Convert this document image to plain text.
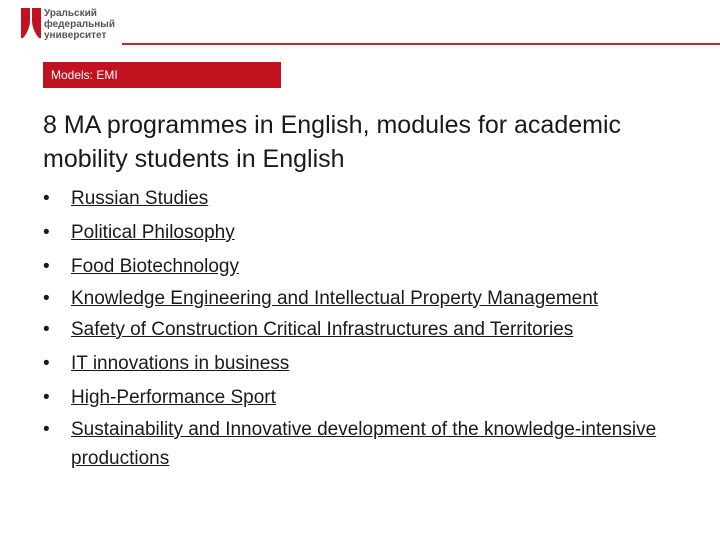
Уральский
федеральный
университет
Models: EMI
8 MA programmes in English, modules for academic mobility students in English
• Russian Studies
• Political Philosophy
• Food Biotechnology
• Knowledge Engineering and Intellectual Property Management
• Safety of Construction Critical Infrastructures and Territories
• IT innovations in business
• High-Performance Sport
• Sustainability and Innovative development of the knowledge-intensive productions
